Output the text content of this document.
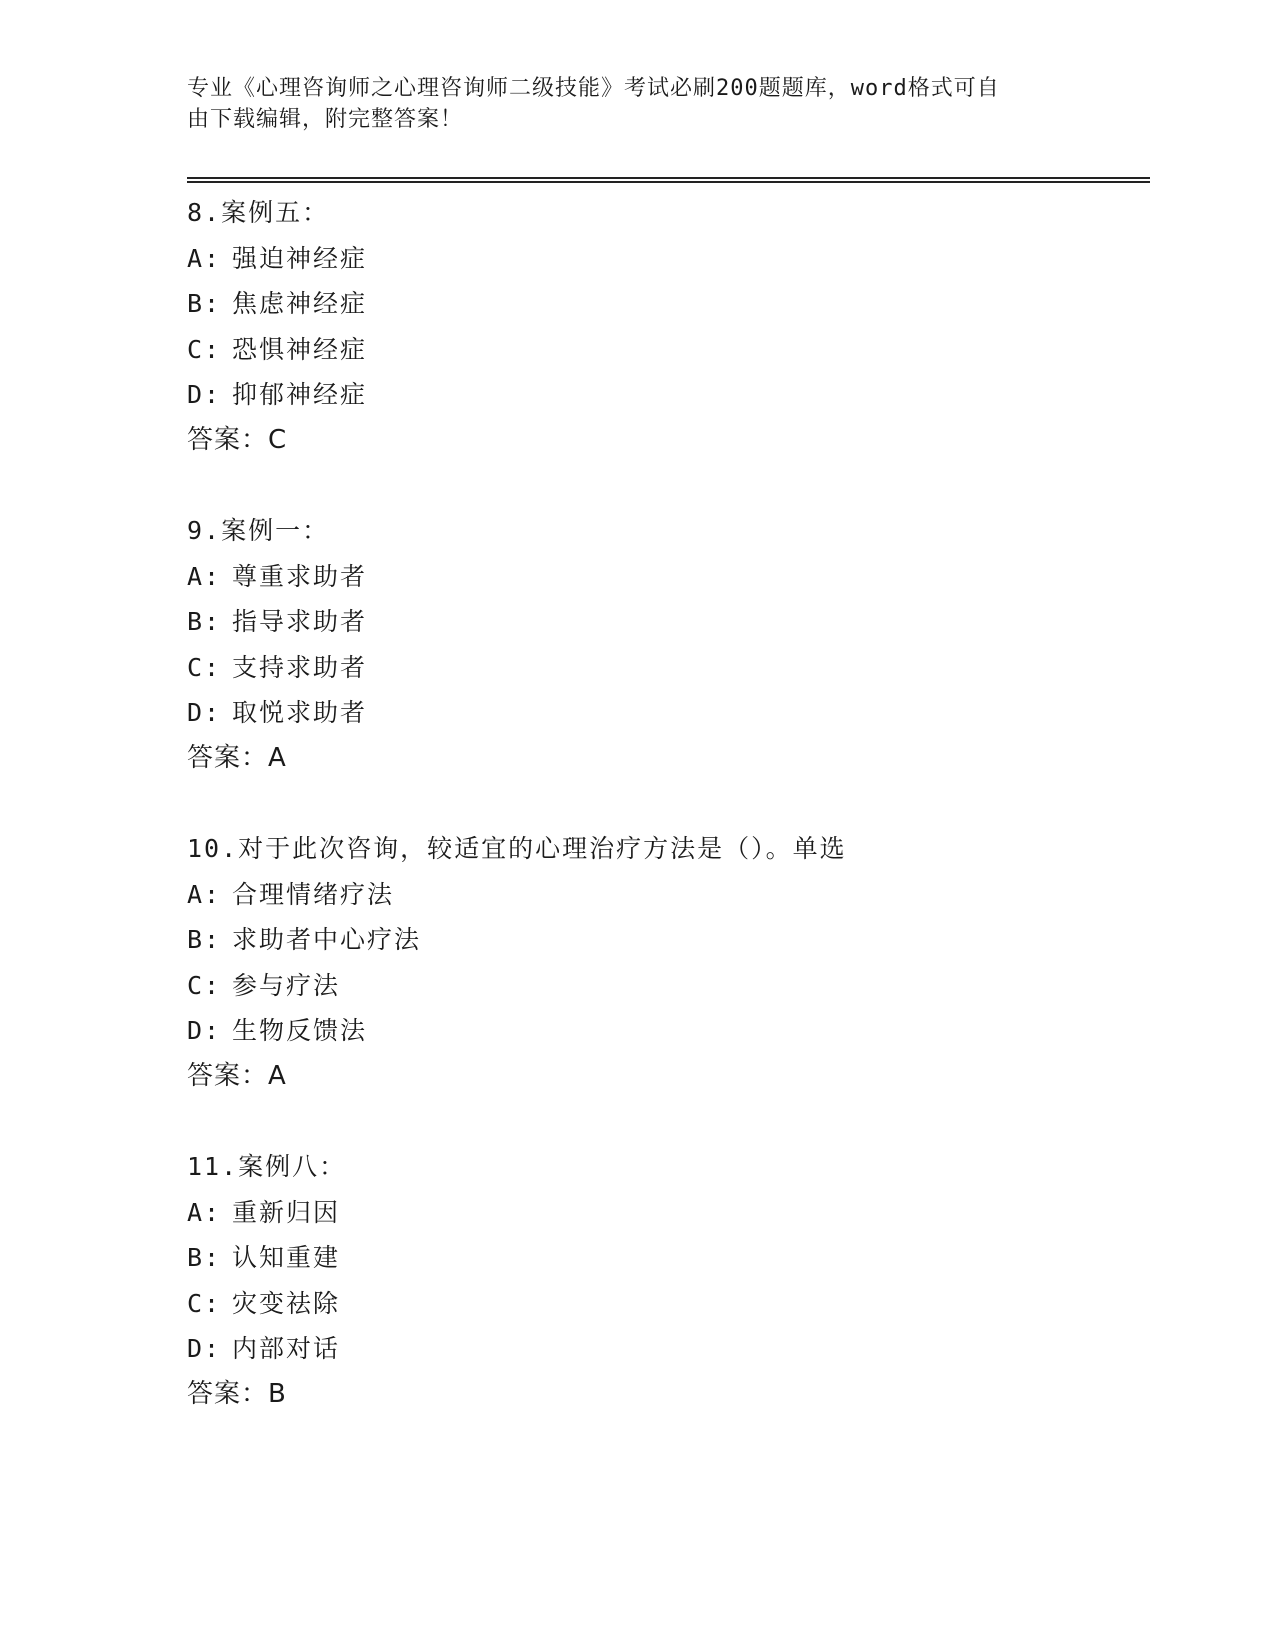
专业《心理咨询师之心理咨询师二级技能》考试必刷200题题库，word格式可自
由下载编辑，附完整答案！
8.案例五：
A: 强迫神经症
B: 焦虑神经症
C: 恐惧神经症
D: 抑郁神经症
答案：C
9.案例一：
A: 尊重求助者
B: 指导求助者
C: 支持求助者
D: 取悦求助者
答案：A
10.对于此次咨询，较适宜的心理治疗方法是（）。单选
A: 合理情绪疗法
B: 求助者中心疗法
C: 参与疗法
D: 生物反馈法
答案：A
11.案例八：
A: 重新归因
B: 认知重建
C: 灾变祛除
D: 内部对话
答案：B
